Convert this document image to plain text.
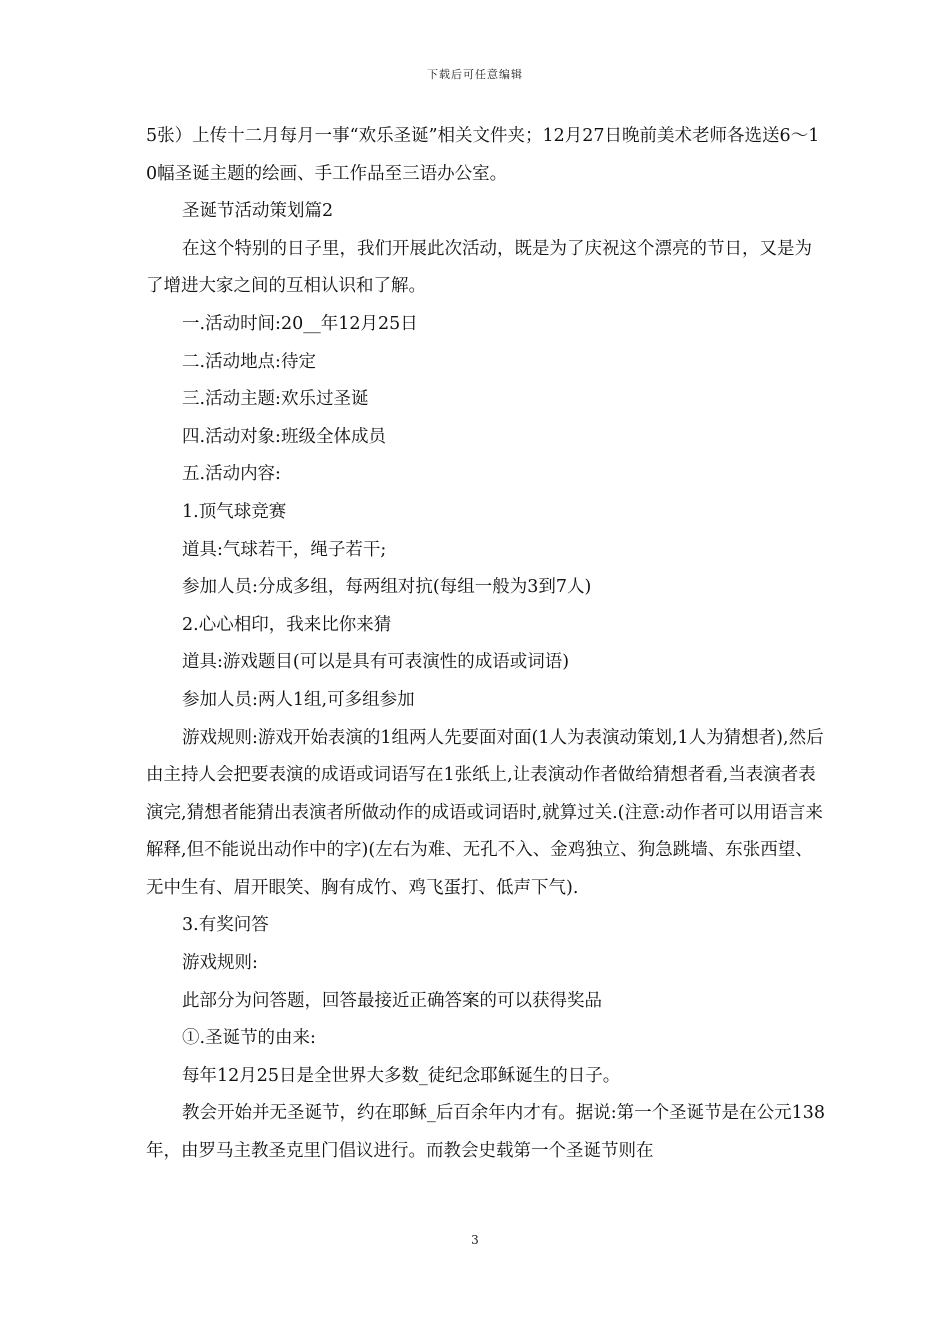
下载后可任意编辑

5张）上传十二月每月一事“欢乐圣诞”相关文件夹；12月27日晚前美术老师各选送6～10幅圣诞主题的绘画、手工作品至三语办公室。

圣诞节活动策划篇2

在这个特别的日子里，我们开展此次活动，既是为了庆祝这个漂亮的节日，又是为了增进大家之间的互相认识和了解。

一.活动时间:20__年12月25日

二.活动地点:待定

三.活动主题:欢乐过圣诞

四.活动对象:班级全体成员

五.活动内容:

1.顶气球竞赛

道具:气球若干，绳子若干;

参加人员:分成多组，每两组对抗(每组一般为3到7人)

2.心心相印，我来比你来猜

道具:游戏题目(可以是具有可表演性的成语或词语)

参加人员:两人1组,可多组参加

游戏规则:游戏开始表演的1组两人先要面对面(1人为表演动策划,1人为猜想者),然后由主持人会把要表演的成语或词语写在1张纸上,让表演动作者做给猜想者看,当表演者表演完,猜想者能猜出表演者所做动作的成语或词语时,就算过关.(注意:动作者可以用语言来解释,但不能说出动作中的字)(左右为难、无孔不入、金鸡独立、狗急跳墙、东张西望、无中生有、眉开眼笑、胸有成竹、鸡飞蛋打、低声下气).

3.有奖问答

游戏规则:

此部分为问答题，回答最接近正确答案的可以获得奖品

①.圣诞节的由来:

每年12月25日是全世界大多数_徒纪念耶稣诞生的日子。

教会开始并无圣诞节，约在耶稣_后百余年内才有。据说:第一个圣诞节是在公元138年，由罗马主教圣克里门倡议进行。而教会史载第一个圣诞节则在

3
